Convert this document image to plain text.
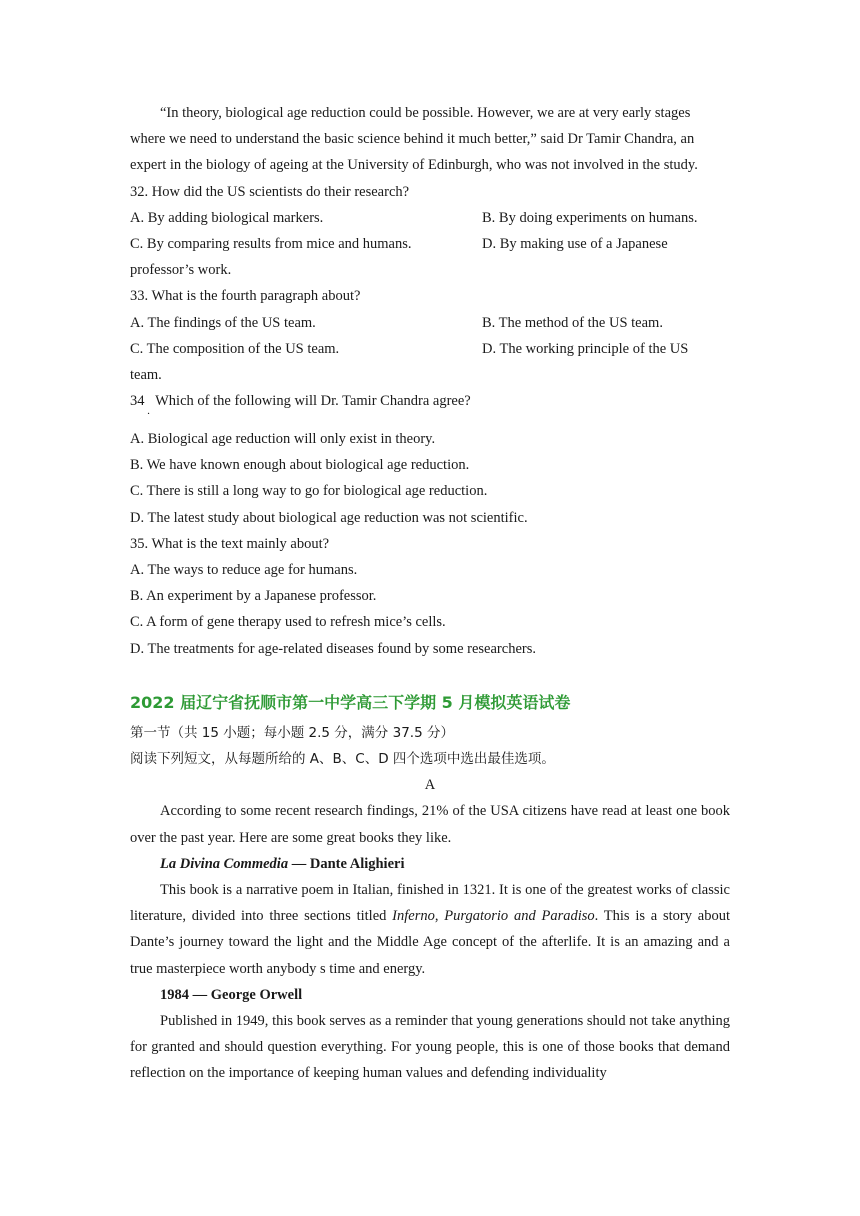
“In theory, biological age reduction could be possible. However, we are at very early stages
where we need to understand the basic science behind it much better,” said Dr Tamir Chandra, an
expert in the biology of ageing at the University of Edinburgh, who was not involved in the study.
32. How did the US scientists do their research?
A. By adding biological markers.	B. By doing experiments on humans.
C. By comparing results from mice and humans.	D. By making use of a Japanese
professor’s work.
33. What is the fourth paragraph about?
A. The findings of the US team.	B. The method of the US team.
C. The composition of the US team.	D. The working principle of the US
team.
34 Which of the following will Dr. Tamir Chandra agree?
．
A. Biological age reduction will only exist in theory.
B. We have known enough about biological age reduction.
C. There is still a long way to go for biological age reduction.
D. The latest study about biological age reduction was not scientific.
35. What is the text mainly about?
A. The ways to reduce age for humans.
B. An experiment by a Japanese professor.
C. A form of gene therapy used to refresh mice’s cells.
D. The treatments for age-related diseases found by some researchers.
2022 届辽宁省抚顺市第一中学高三下学期 5 月模拟英语试卷
第一节（共 15 小题；每小题 2.5 分，满分 37.5 分）
阅读下列短文，从每题所给的 A、B、C、D 四个选项中选出最佳选项。
A
According to some recent research findings, 21% of the USA citizens have read at least one book over the past year. Here are some great books they like.
La Divina Commedia — Dante Alighieri
This book is a narrative poem in Italian, finished in 1321. It is one of the greatest works of classic literature, divided into three sections titled Inferno, Purgatorio and Paradiso. This is a story about Dante’s journey toward the light and the Middle Age concept of the afterlife. It is an amazing and a true masterpiece worth anybody s time and energy.
1984 — George Orwell
Published in 1949, this book serves as a reminder that young generations should not take anything for granted and should question everything. For young people, this is one of those books that demand reflection on the importance of keeping human values and defending individuality
